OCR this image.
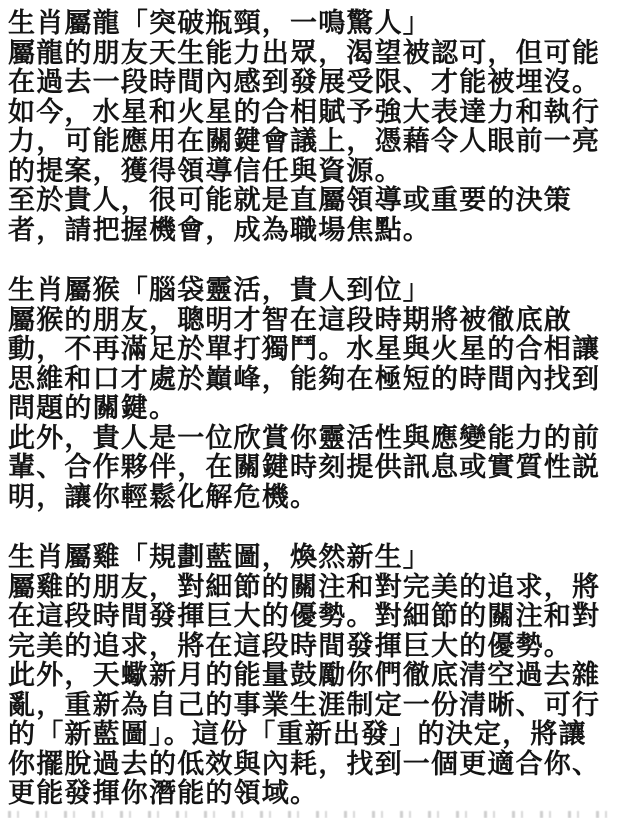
生肖屬龍「突破瓶頸，一鳴驚人」
屬龍的朋友天生能力出眾，渴望被認可，但可能
在過去一段時間內感到發展受限、才能被埋沒。
如今，水星和火星的合相賦予強大表達力和執行
力，可能應用在關鍵會議上，憑藉令人眼前一亮
的提案，獲得領導信任與資源。
至於貴人，很可能就是直屬領導或重要的決策
者，請把握機會，成為職場焦點。
生肖屬猴「腦袋靈活，貴人到位」
屬猴的朋友，聰明才智在這段時期將被徹底啟
動，不再滿足於單打獨鬥。水星與火星的合相讓
思維和口才處於巔峰，能夠在極短的時間內找到
問題的關鍵。
此外，貴人是一位欣賞你靈活性與應變能力的前
輩、合作夥伴，在關鍵時刻提供訊息或實質性説
明，讓你輕鬆化解危機。
生肖屬雞「規劃藍圖，煥然新生」
屬雞的朋友，對細節的關注和對完美的追求，將
在這段時間發揮巨大的優勢。對細節的關注和對
完美的追求，將在這段時間發揮巨大的優勢。
此外，天蠍新月的能量鼓勵你們徹底清空過去雜
亂，重新為自己的事業生涯制定一份清晰、可行
的「新藍圖」。這份「重新出發」的決定，將讓
你擺脫過去的低效與內耗，找到一個更適合你、
更能發揮你潛能的領域。
